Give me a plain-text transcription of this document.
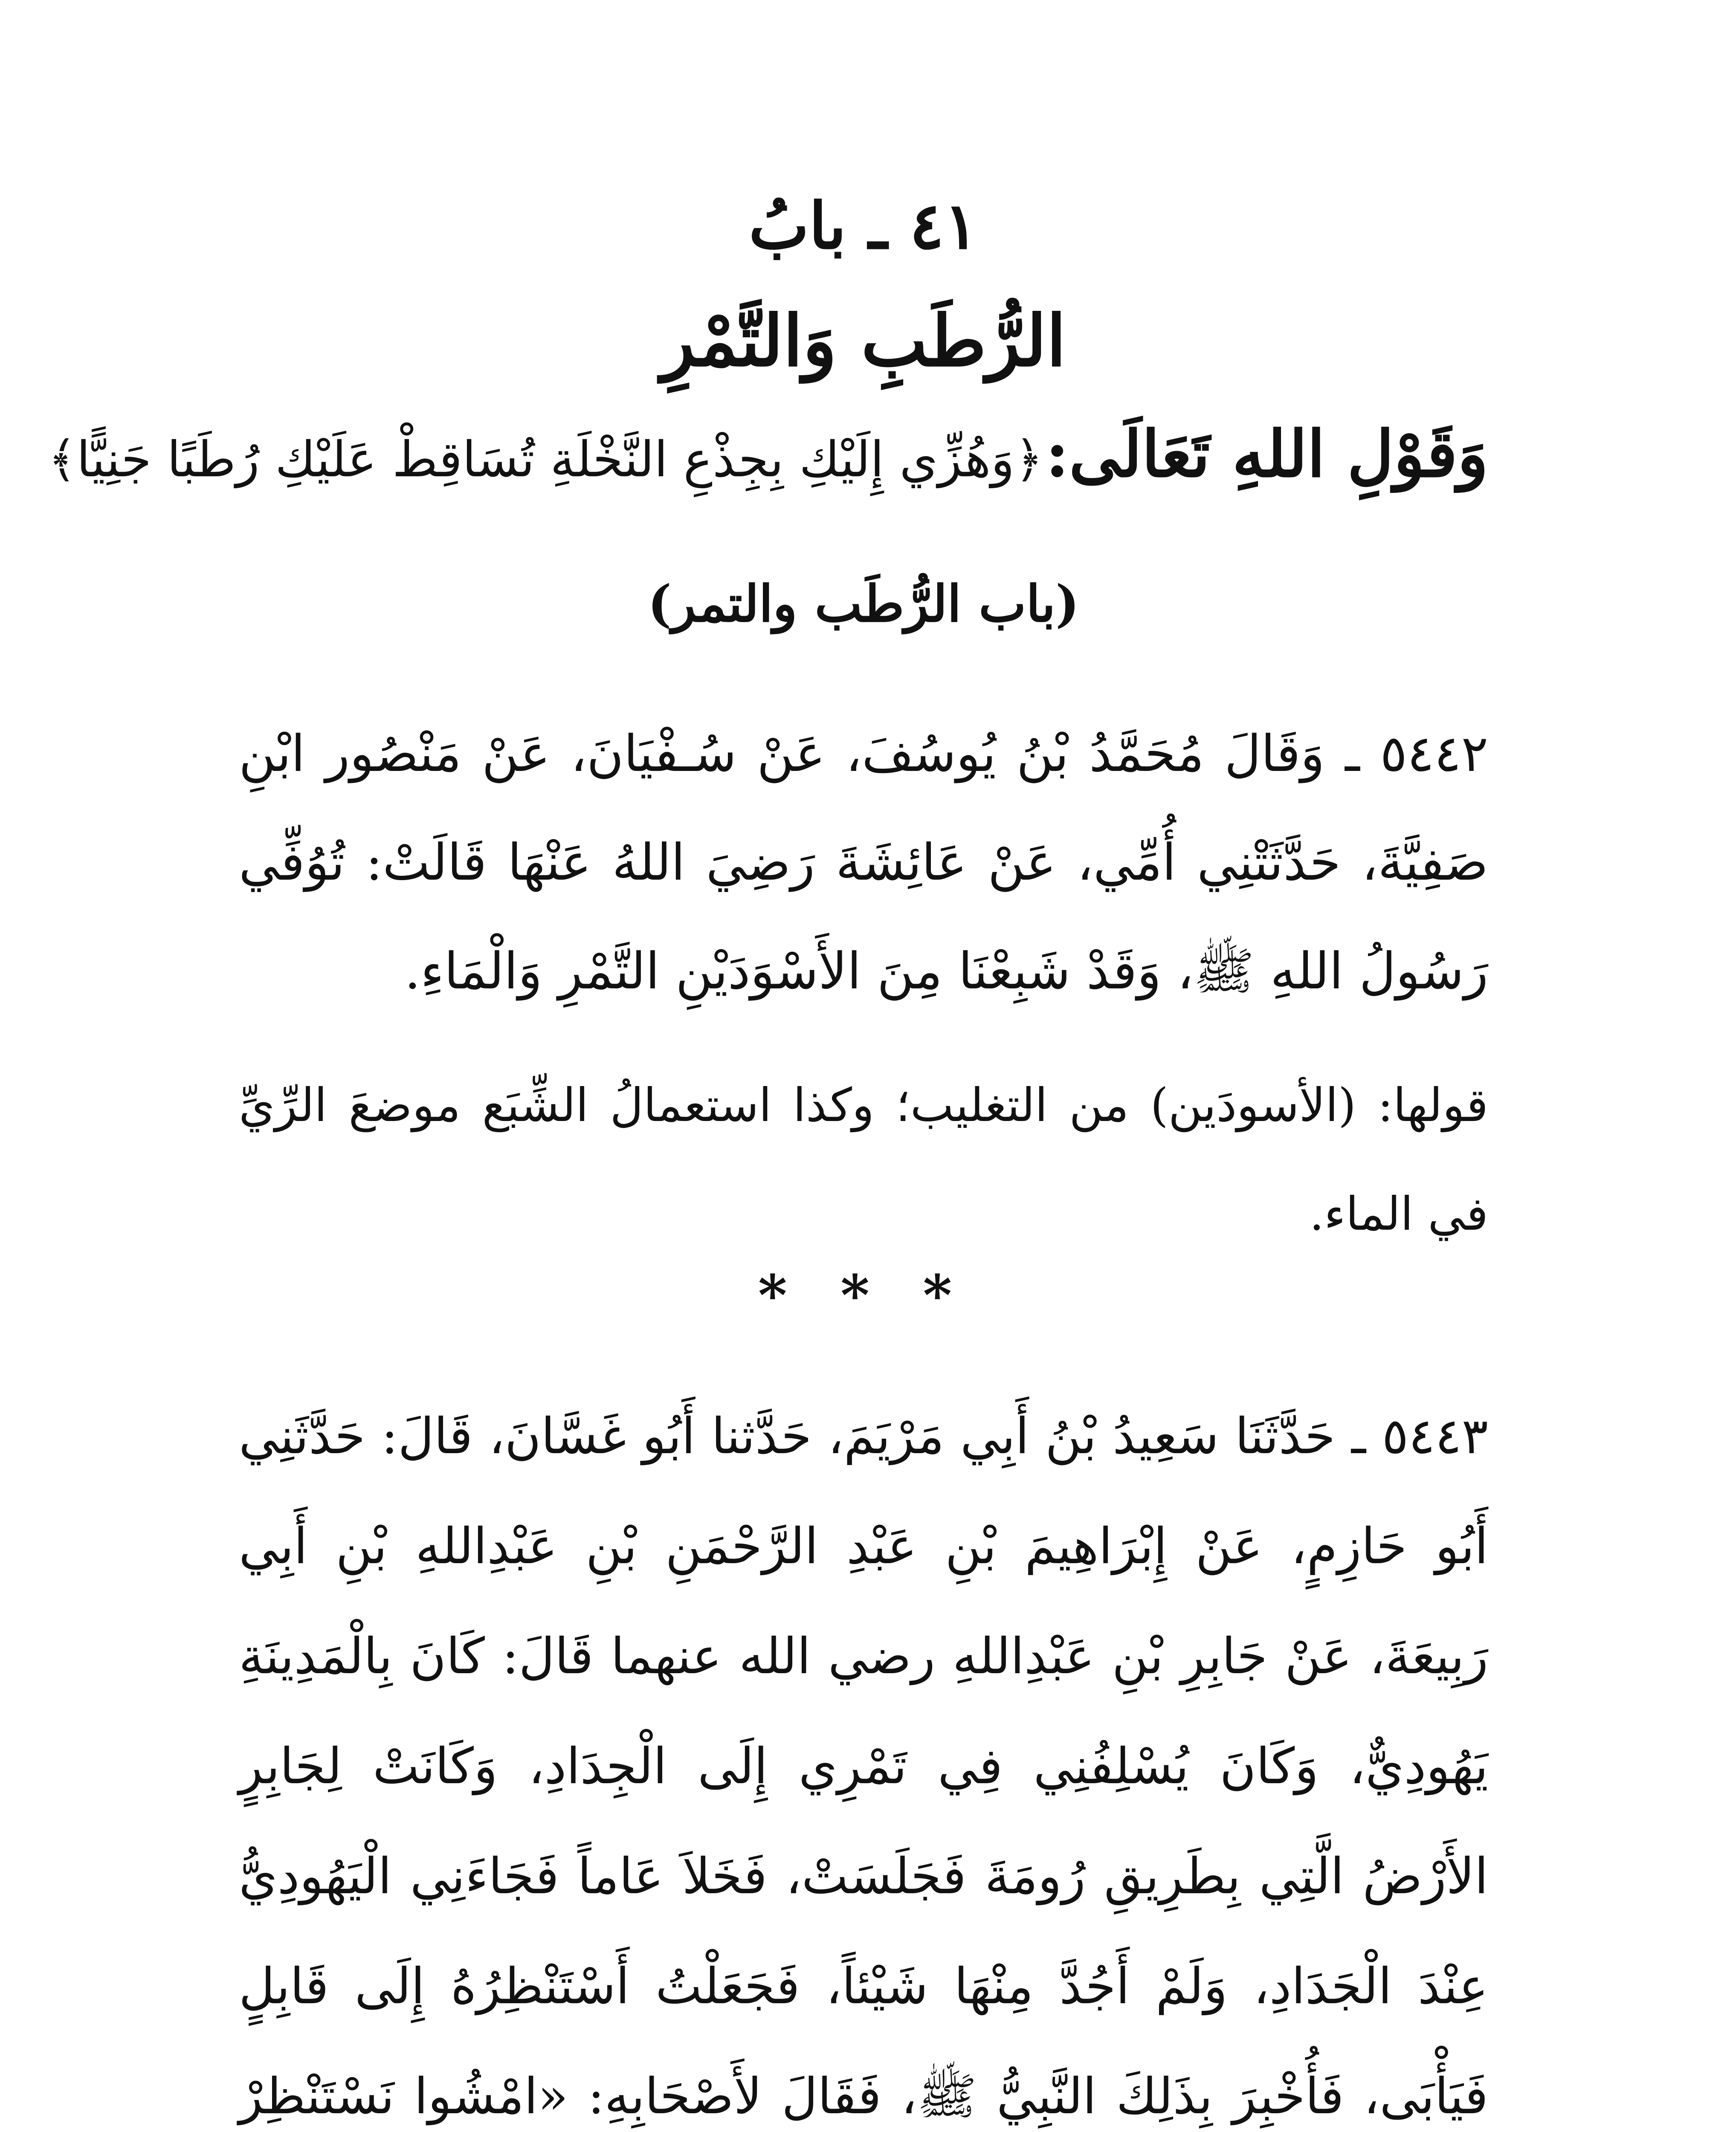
٤١ ـ بابُ
الرُّطَبِ وَالتَّمْرِ
وَقَوْلِ اللهِ تَعَالَى: ﴿وَهُزِّي إِلَيْكِ بِجِذْعِ النَّخْلَةِ تُسَاقِطْ عَلَيْكِ رُطَبًا جَنِيًّا﴾
(باب الرُّطَب والتمر)
٥٤٤٢ ـ وَقَالَ مُحَمَّدُ بْنُ يُوسُفَ، عَنْ سُـفْيَانَ، عَنْ مَنْصُور ابْنِ صَفِيَّةَ، حَدَّثَتْنِي أُمِّي، عَنْ عَائِشَةَ رَضِيَ اللهُ عَنْهَا قَالَتْ: تُوُفِّي رَسُولُ اللهِ ﷺ، وَقَدْ شَبِعْنَا مِنَ الأَسْوَدَيْنِ التَّمْرِ وَالْمَاءِ.
قولها: (الأسودَين) من التغليب؛ وكذا استعمالُ الشِّبَع موضعَ الرِّيِّ في الماء.
* * *
٥٤٤٣ ـ حَدَّثَنَا سَعِيدُ بْنُ أَبِي مَرْيَمَ، حَدَّثنا أَبُو غَسَّانَ، قَالَ: حَدَّثَنِي أَبُو حَازِمٍ، عَنْ إِبْرَاهِيمَ بْنِ عَبْدِ الرَّحْمَنِ بْنِ عَبْدِاللهِ بْنِ أَبِي رَبِيعَةَ، عَنْ جَابِرِ بْنِ عَبْدِاللهِ رضي الله عنهما قَالَ: كَانَ بِالْمَدِينَةِ يَهُودِيٌّ، وَكَانَ يُسْلِفُنِي فِي تَمْرِي إِلَى الْجِدَادِ، وَكَانَتْ لِجَابِرٍ الأَرْضُ الَّتِي بِطَرِيقِ رُومَةَ فَجَلَسَتْ، فَخَلاَ عَاماً فَجَاءَنِي الْيَهُودِيُّ عِنْدَ الْجَدَادِ، وَلَمْ أَجُدَّ مِنْهَا شَيْئاً، فَجَعَلْتُ أَسْتَنْظِرُهُ إِلَى قَابِلٍ فَيَأْبَى، فَأُخْبِرَ بِذَلِكَ النَّبِيُّ ﷺ، فَقَالَ لأَصْحَابِهِ: «امْشُوا نَسْتَنْظِرْ
